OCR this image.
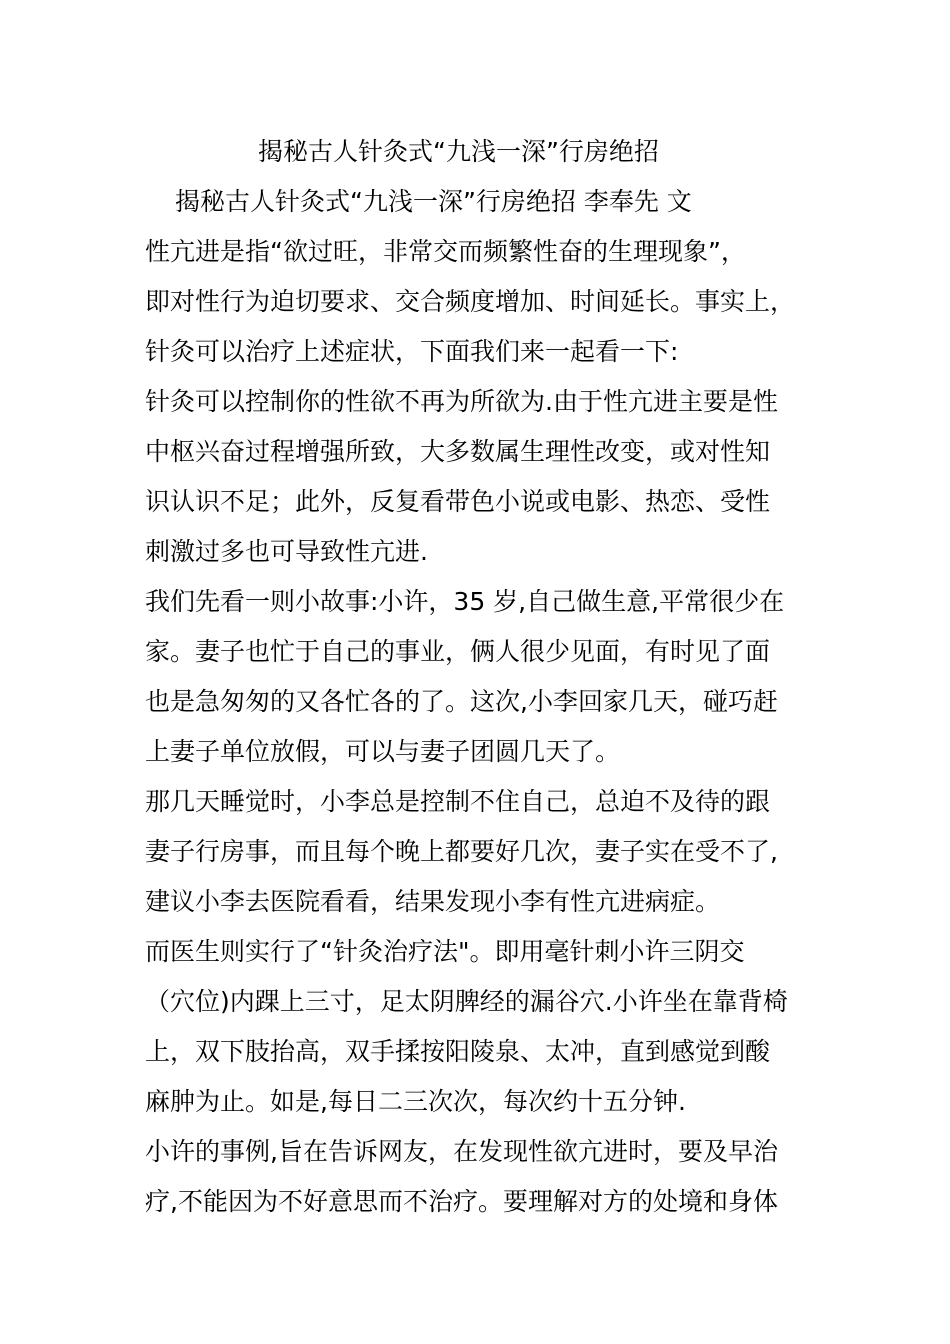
揭秘古人针灸式“九浅一深”行房绝招
揭秘古人针灸式“九浅一深”行房绝招 李奉先 文
性亢进是指“欲过旺，非常交而频繁性奋的生理现象”，
即对性行为迫切要求、交合频度增加、时间延长。事实上，
针灸可以治疗上述症状，下面我们来一起看一下:
针灸可以控制你的性欲不再为所欲为.由于性亢进主要是性
中枢兴奋过程增强所致，大多数属生理性改变，或对性知
识认识不足；此外，反复看带色小说或电影、热恋、受性
刺激过多也可导致性亢进.
我们先看一则小故事:小许，35 岁,自己做生意,平常很少在
家。妻子也忙于自己的事业，俩人很少见面，有时见了面
也是急匆匆的又各忙各的了。这次,小李回家几天，碰巧赶
上妻子单位放假，可以与妻子团圆几天了。
那几天睡觉时，小李总是控制不住自己，总迫不及待的跟
妻子行房事，而且每个晚上都要好几次，妻子实在受不了,
建议小李去医院看看，结果发现小李有性亢进病症。
而医生则实行了“针灸治疗法"。即用毫针刺小许三阴交
（穴位)内踝上三寸，足太阴脾经的漏谷穴.小许坐在靠背椅
上，双下肢抬高，双手揉按阳陵泉、太冲，直到感觉到酸
麻肿为止。如是,每日二三次次，每次约十五分钟.
小许的事例,旨在告诉网友，在发现性欲亢进时，要及早治
疗,不能因为不好意思而不治疗。要理解对方的处境和身体
